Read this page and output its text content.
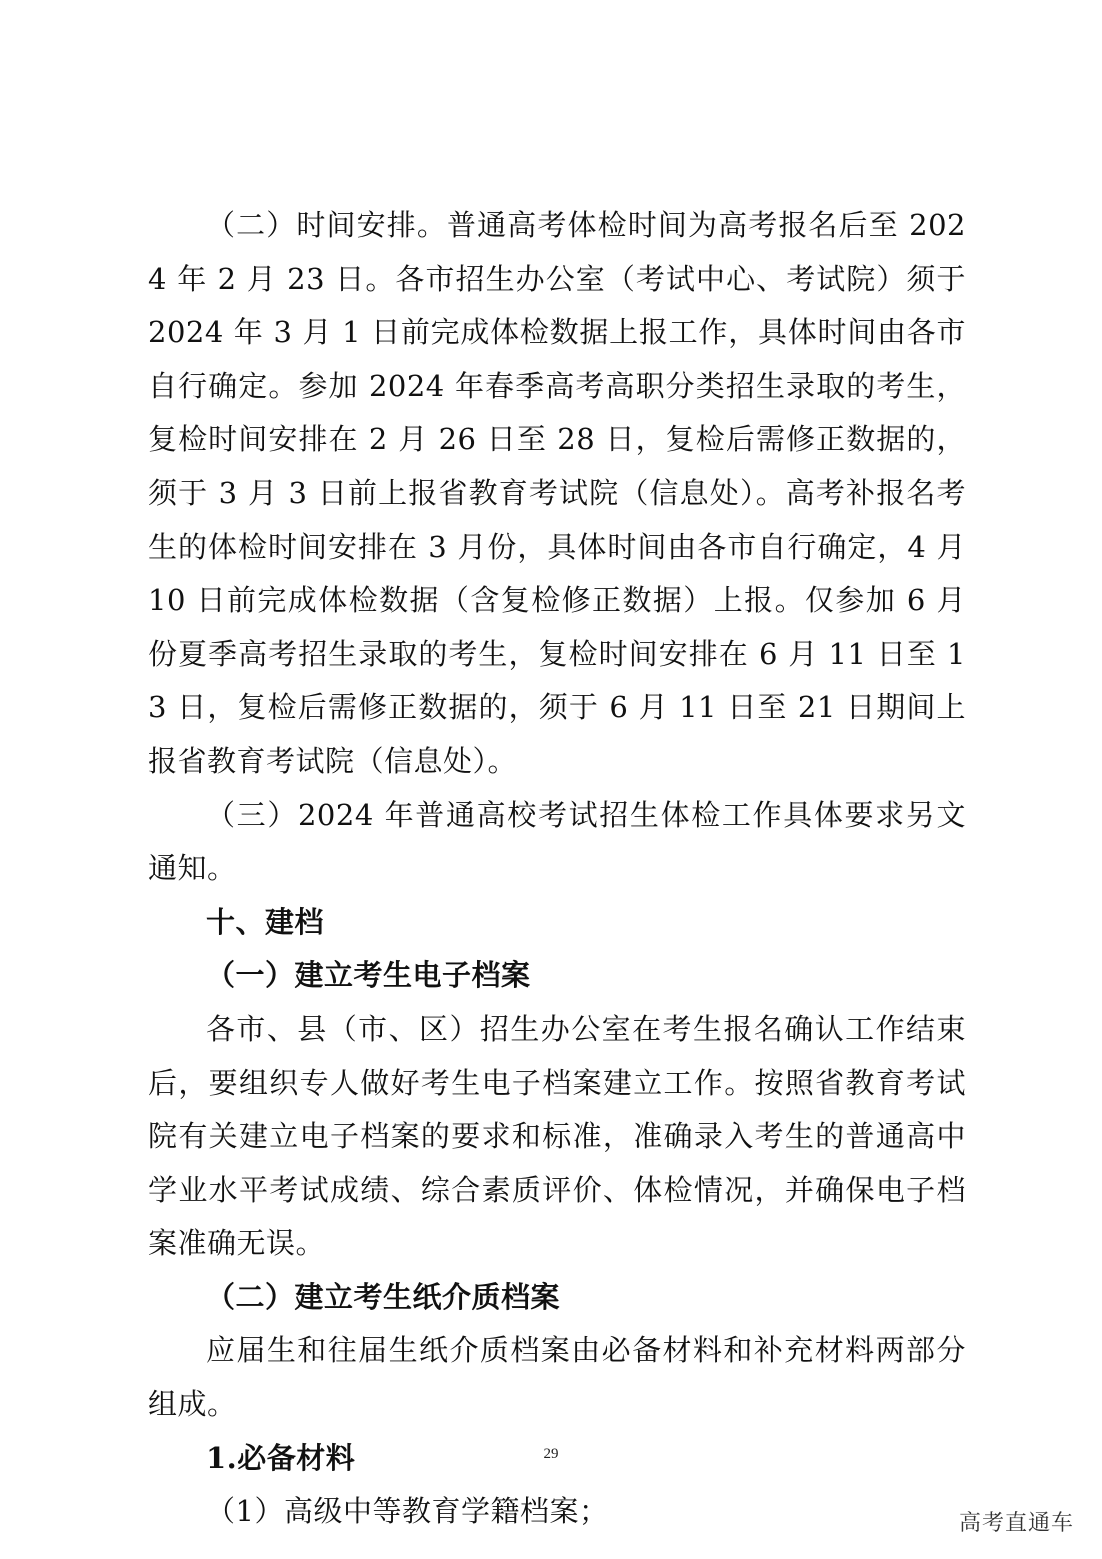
（二）时间安排。普通高考体检时间为高考报名后至 2024 年 2 月 23 日。各市招生办公室（考试中心、考试院）须于 2024 年 3 月 1 日前完成体检数据上报工作，具体时间由各市自行确定。参加 2024 年春季高考高职分类招生录取的考生，复检时间安排在 2 月 26 日至 28 日，复检后需修正数据的，须于 3 月 3 日前上报省教育考试院（信息处）。高考补报名考生的体检时间安排在 3 月份，具体时间由各市自行确定，4 月 10 日前完成体检数据（含复检修正数据）上报。仅参加 6 月份夏季高考招生录取的考生，复检时间安排在 6 月 11 日至 13 日，复检后需修正数据的，须于 6 月 11 日至 21 日期间上报省教育考试院（信息处）。

（三）2024 年普通高校考试招生体检工作具体要求另文通知。

十、建档

（一）建立考生电子档案

各市、县（市、区）招生办公室在考生报名确认工作结束后，要组织专人做好考生电子档案建立工作。按照省教育考试院有关建立电子档案的要求和标准，准确录入考生的普通高中学业水平考试成绩、综合素质评价、体检情况，并确保电子档案准确无误。

（二）建立考生纸介质档案

应届生和往届生纸介质档案由必备材料和补充材料两部分组成。

1.必备材料

（1）高级中等教育学籍档案；

29
高考直通车
